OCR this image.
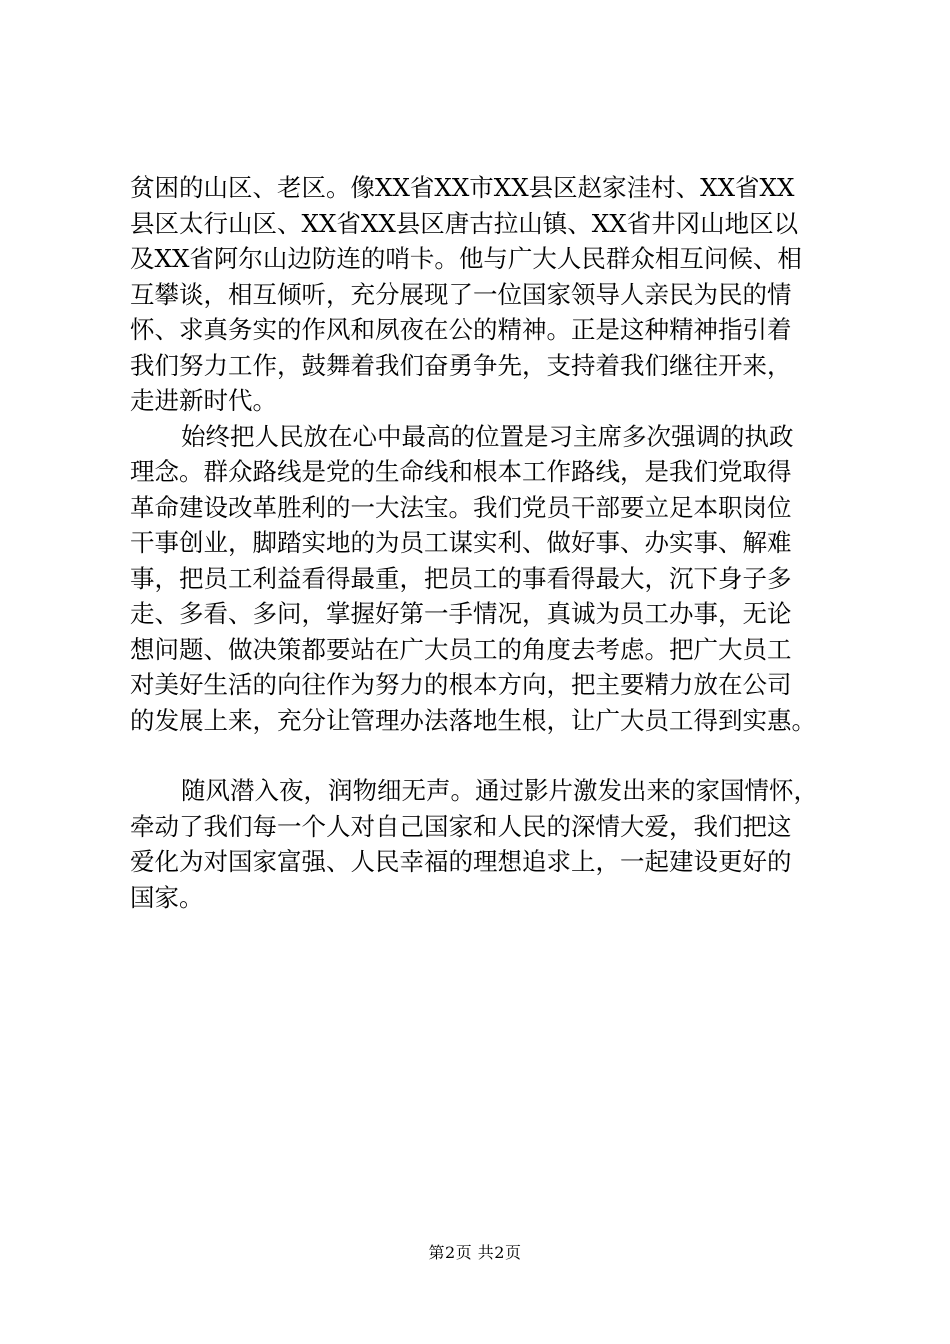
贫困的山区、老区。像XX省XX市XX县区赵家洼村、XX省XX
县区太行山区、XX省XX县区唐古拉山镇、XX省井冈山地区以
及XX省阿尔山边防连的哨卡。他与广大人民群众相互问候、相
互攀谈，相互倾听，充分展现了一位国家领导人亲民为民的情
怀、求真务实的作风和夙夜在公的精神。正是这种精神指引着
我们努力工作，鼓舞着我们奋勇争先，支持着我们继往开来，
走进新时代。
始终把人民放在心中最高的位置是习主席多次强调的执政
理念。群众路线是党的生命线和根本工作路线，是我们党取得
革命建设改革胜利的一大法宝。我们党员干部要立足本职岗位
干事创业，脚踏实地的为员工谋实利、做好事、办实事、解难
事，把员工利益看得最重，把员工的事看得最大，沉下身子多
走、多看、多问，掌握好第一手情况，真诚为员工办事，无论
想问题、做决策都要站在广大员工的角度去考虑。把广大员工
对美好生活的向往作为努力的根本方向，把主要精力放在公司
的发展上来，充分让管理办法落地生根，让广大员工得到实惠。
随风潜入夜，润物细无声。通过影片激发出来的家国情怀，
牵动了我们每一个人对自己国家和人民的深情大爱，我们把这
爱化为对国家富强、人民幸福的理想追求上，一起建设更好的
国家。
第2页 共2页
